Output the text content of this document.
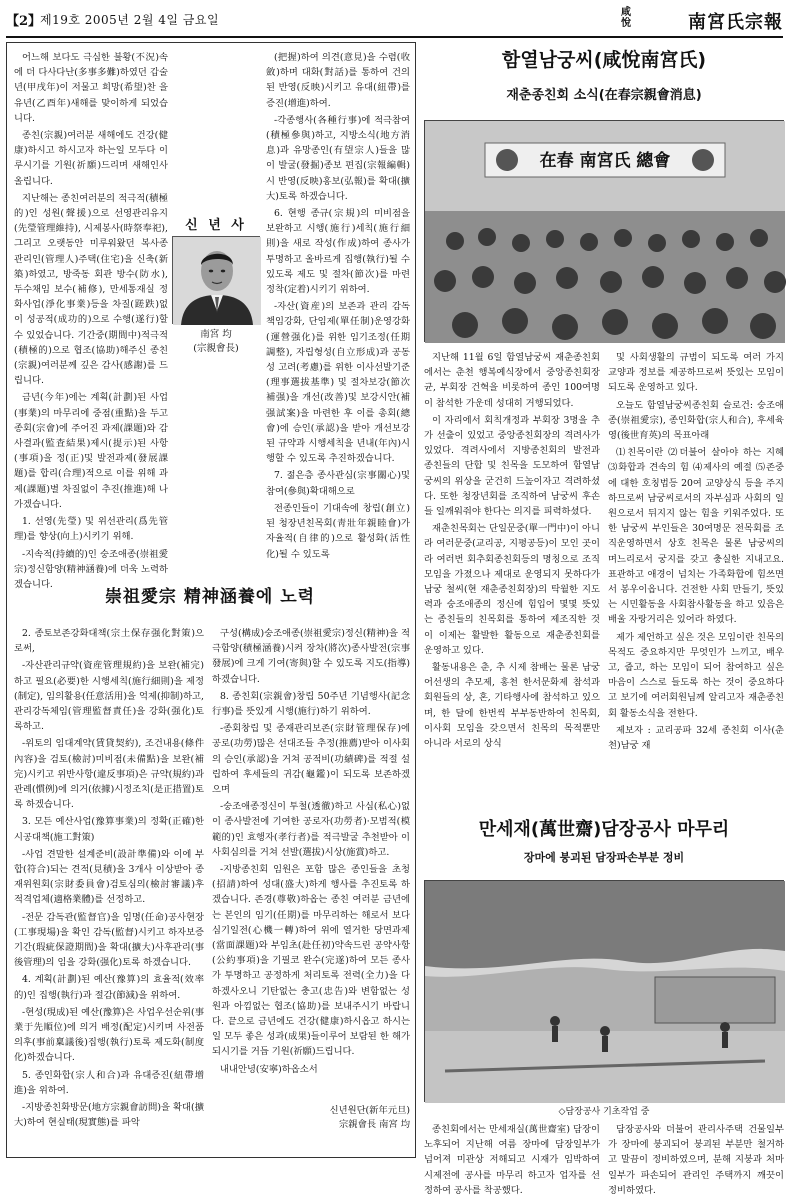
【2】
제19호 2005년 2월 4일 금요일
咸悅	南宮氏宗報

어느해 보다도 극심한 불황(不況)속에 더 다사다난(多事多難)하였던 갑술년(甲戌年)이 저물고 희망(希望)찬 을유년(乙酉年)새해를 맞이하게 되었습니다.

종친(宗親)여러분 새해에도 건강(健康)하시고 하시고자 하는일 모두다 이루시기를 기원(祈願)드리며 새해인사 올립니다.

지난해는 종친여러분의 적극적(積極的)인 성원(聲援)으로 선영관리유지(先瑩管理維持), 시제봉사(時祭奉祀), 그리고 오랫동안 미루워왔던 복사종 관리인(管理人)주택(住宅)을 신축(新築)하였고, 방죽동 회관 방수(防水), 두수채임 보수(補修), 만세통재실 정화사업(淨化事業)등을 차질(蹉跌)없이 성공적(成功的)으로 수행(遂行)할 수 있었습니다. 기간중(期間中)적극적(積極的)으로 협조(協助)해주신 종친(宗親)여러분께 깊은 감사(感謝)를 드립니다.

금년(今年)에는 계획(計劃)된 사업(事業)의 마무리에 중점(重點)을 두고 종회(宗會)에 주어진 과제(課題)와 감사결과(監査結果)제시(提示)된 사항(事項)을 정(正)및 발전과제(發展課題)를 합리(合理)적으로 이를 위해 과제(課題)별 차질없이 추진(推進)해 나가겠습니다.

1. 선영(先瑩) 및 위선관리(爲先管理)를 향상(向上)시키기 위해.

-지속적(持續的)인 숭조애종(崇祖愛宗)정신함양(精神涵養)에 더욱 노력하겠습니다.

신 년 사
南宮 均
(宗親會長)

(把握)하여 의견(意見)을 수렴(收斂)하며 대화(對話)를 통하여 건의된 반영(反映)시키고 유대(紐帶)를 증진(增進)하여.

-각종행사(各種行事)에 적극참여(積極參與)하고, 지방소식(地方消息)과 유망종인(有望宗人)들을 많이 발굴(發掘)종보 편집(宗報編輯)시 반영(反映)홍보(弘報)를 확대(擴大)토록 하겠습니다.

6. 현행 종규(宗規)의 미비점을 보완하고 시행(施行)세칙(施行細則)을 새로 작성(作成)하여 종사가 투명하고 올바르게 집행(執行)될 수 있도록 제도 및 절차(節次)를 마련 정착(定着)시키기 위하여.

-자산(資産)의 보존과 관리 감독 책임강화, 단임제(單任制)운영강화(運營强化)를 위한 임기조정(任期調整), 자립형성(自立形成)과 공동성 고려(考慮)를 위한 이사선발기준(理事選拔基準) 및 절차보강(節次補强)을 개선(改善)및 보강시안(補强試案)을 마련한 후 이를 총회(總會)에 승인(承認)을 받아 개선보강된 규약과 시행세칙을 년내(年內)시행할 수 있도록 추진하겠습니다.

7. 젊은층 종사관심(宗事關心)및 참여(參與)확대해으로

전종인들이 기대속에 창립(創立)된 청장년친목회(靑壯年親睦會)가 자율적(自律的)으로 활성화(活性化)될 수 있도록

崇祖愛宗 精神涵養에 노력

2. 종토보존강화대책(宗土保存强化對策)으로써,

-자산관리규약(資産管理規約)을 보완(補完)하고 필요(必要)한 시행세칙(施行細則)을 제정(制定), 임의활용(任意活用)을 억제(抑制)하고, 관리강독체임(管理監督責任)을 강화(强化)토록하고.

-위토의 임대계약(賃貸契約), 조건내용(條件內容)을 검토(檢討)미비점(未備點)을 보완(補完)시키고 위반사항(違反事項)은 규약(規約)과 관례(慣例)에 의거(依據)시정조치(是正措置)토록 하겠습니다.

3. 모든 예산사업(豫算事業)의 정확(正確)한 시공대책(施工對策)

-사업 견말한 설계준비(設計準備)와 이에 부합(符合)되는 견적(見積)을 3개사 이상받아 종재위원회(宗財委員會)검토심의(檢討審議)후 적격업체(適格業體)를 선정하고.

-전문 감독관(監督官)을 임명(任命)공사현장(工事現場)을 확인 감독(監督)시키고 하자보증기간(瑕疵保證期間)을 확대(擴大)사후관리(事後管理)의 임을 강화(强化)토록 하겠습니다.

4. 계획(計劃)된 예산(豫算)의 효율적(效率的)인 집행(執行)과 절감(節減)을 위하여.

-현성(現成)된 예산(豫算)은 사업우선순위(事業于先順位)에 의거 배정(配定)시키며 사전품의후(事前稟議後)집행(執行)토록 제도화(制度化)하겠습니다.

5. 종인화합(宗人和合)과 유대증진(紐帶增進)을 위하여.

-지방종친화방문(地方宗親會訪問)을 확대(擴大)하여 현실태(現實態)를 파악

구성(構成)숭조애종(崇祖愛宗)정신(精神)을 적극함양(積極涵養)시켜 장차(將次)종사발전(宗事發展)에 크게 기여(寄與)할 수 있도록 지도(指導)하겠습니다.

8. 종친회(宗親會)창립 50주년 기념행사(記念行事)를 뜻있게 시행(施行)하기 위하여.

-종회창립 및 종재관리보존(宗財管理保存)에 공로(功勞)많은 선대조들 추정(推薦)받아 이사회의 승인(承認)을 거쳐 공적비(功績碑)를 적절 설립하여 후세들의 귀감(龜鑑)이 되도록 보존하겠으며

-숭조애종정신이 투철(透徹)하고 사심(私心)없이 종사발전에 기여한 공로자(功勞者)·모범적(模範的)인 효행자(孝行者)를 적극발굴 추천받아 이사회심의를 거쳐 선발(選拔)시상(施賞)하고.

-지방종친회 임원은 포함 많은 종인들을 초청(招請)하여 성대(盛大)하게 행사를 추진토록 하겠습니다. 존경(尊敬)하옵는 종친 여러분 금년에는 본인의 임기(任期)를 마무리하는 해로서 보다 심기일전(心機一轉)하여 위에 열거한 당면과제(當面課題)와 부임초(赴任初)약속드린 공약사항(公約事項)을 기필코 완수(完遂)하여 모든 종사가 투명하고 공정하게 처리토록 전력(全力)을 다 하겠사오니 기탄없는 충고(忠告)와 변함없는 성원과 아낌없는 협조(協助)를 보내주시기 바랍니다. 끝으로 금년에도 건강(健康)하시옵고 하시는 일 모두 좋은 성과(成果)들이루어 보람된 한 해가 되시기를 거듭 기원(祈願)드립니다.

내내안녕(安寧)하옵소서

신년원단(新年元旦)
宗親會長 南宮 均
함열남궁씨(咸悅南宮氏)
재춘종친회 소식(在春宗親會消息)
在春 南宮氏 總會

지난해 11월 6일 함열남궁씨 재춘종친회에서는 춘천 행복예식장에서 중앙종친회장 균, 부회장 건혁을 비롯하여 종인 100여명이 참석한 가운데 성대히 거행되었다.

이 자리에서 회칙개정과 부회장 3명을 추가 선출이 있었고 중앙종친회장의 격려사가 있었다. 격려사에서 지방종친회의 발전과 종친들의 단합 및 친목을 도모하여 함열남궁씨의 위상을 굳건히 드높이자고 격려하셨다. 또한 청장년회를 조직하여 남궁씨 후손들 일깨워줘야 한다는 의지를 피력하셨다.

재춘친목회는 단일문중(單一門中)이 아니라 여러문중(교리공, 지평공등)이 모인 곳이라 여러번 회추회종친회등의 명칭으로 조직모임을 가졌으나 제대로 운영되지 못하다가 남궁 철씨(현 재춘종친회장)의 탁월한 지도력과 숭조애종의 정신에 힘입어 몇몇 뜻있는 종친들의 친목회를 통하여 제조직한 것이 이제는 활발한 활동으로 재춘종친회를 운영하고 있다.

활동내용은 춘, 추 시제 참배는 물론 남궁 어선생의 추모제, 홍천 한서문화제 참석과 회원들의 상, 혼, 기타행사에 참석하고 있으며, 한 달에 한번씩 부부동반하여 친목회, 이사회 모임을 갖으면서 친목의 목적뿐만 아니라 서로의 상식

및 사회생활의 규범이 되도록 여러 가지 교양과 정보를 제공하므로써 뜻있는 모임이 되도록 운영하고 있다.

오늘도 함열남궁씨종친회 슬로건: 숭조애종(崇祖愛宗), 종인화합(宗人和合), 후세육영(後世育英)의 목표아래

⑴친목이란 ⑵더불어 살아야 하는 지혜 ⑶화합과 견속의 힘 ⑷제사의 예절 ⑸존중에 대한 호칭법등 20여 교양상식 등을 주지하므로써 남궁씨로서의 자부심과 사회의 일원으로서 뒤지지 않는 힘을 키워주었다. 또한 남궁씨 부인들은 30여명문 전목회를 조직운영하면서 상호 친목은 물론 남궁씨의 며느리로서 궁지를 갖고 충실한 지내고요. 표관하고 애경이 넘치는 가족화합에 힘쓰면서 봉우이옵니다. 건전한 사회 만들기, 뜻있는 시민활동을 사회참사활동을 하고 있음은 배울 자랑거리은 있어라 하였다.

제가 제언하고 싶은 것은 모임이란 친목의 목적도 중요하지만 무엇인가 느끼고, 배우고, 줍고, 하는 모임이 되어 참여하고 싶은 마음이 스스로 들도록 하는 것이 중요하다고 보기에 여러회원님께 알리고자 재춘종친회 활동소식을 전한다.

제보자 : 교리공파 32세 종친회 이사(춘천)남궁 재

만세재(萬世齋)담장공사 마무리
장마에 붕괴된 담장파손부분 정비
◇담장공사 기초작업 중

종친회에서는 만세재실(萬世齋室) 담장이 노후되어 지난해 여름 장마에 담장일부가 넘어져 미관상 저해되고 시재가 임박하여 시제전에 공사를 마무리 하고자 업자를 선정하여 공사를 착공했다.

담장공사와 더불어 관리사주택 건물일부가 장마에 붕괴되어 붕괴된 부분만 철거하고 말끔이 정비하였으며, 분해 지붕과 처마일부가 파손되어 관리인 주택까지 깨끗이 정비하였다.
